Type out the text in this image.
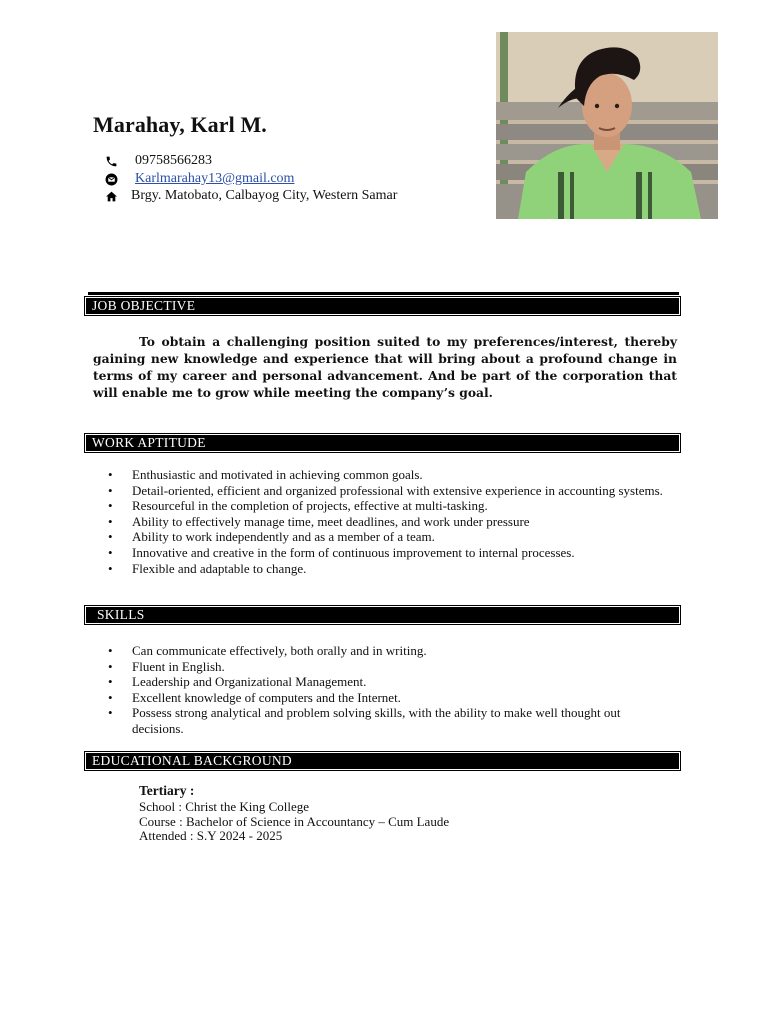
Marahay, Karl M.
09758566283
Karlmarahay13@gmail.com
Brgy. Matobato, Calbayog City, Western Samar
JOB OBJECTIVE
To obtain a challenging position suited to my preferences/interest, thereby gaining new knowledge and experience that will bring about a profound change in terms of my career and personal advancement. And be part of the corporation that will enable me to grow while meeting the company’s goal.
WORK APTITUDE
• Enthusiastic and motivated in achieving common goals.
• Detail-oriented, efficient and organized professional with extensive experience in accounting systems.
• Resourceful in the completion of projects, effective at multi-tasking.
• Ability to effectively manage time, meet deadlines, and work under pressure
• Ability to work independently and as a member of a team.
• Innovative and creative in the form of continuous improvement to internal processes.
• Flexible and adaptable to change.
SKILLS
• Can communicate effectively, both orally and in writing.
• Fluent in English.
• Leadership and Organizational Management.
• Excellent knowledge of computers and the Internet.
• Possess strong analytical and problem solving skills, with the ability to make well thought out decisions.
EDUCATIONAL BACKGROUND
Tertiary :
School : Christ the King College
Course : Bachelor of Science in Accountancy – Cum Laude
Attended : S.Y 2024 - 2025
